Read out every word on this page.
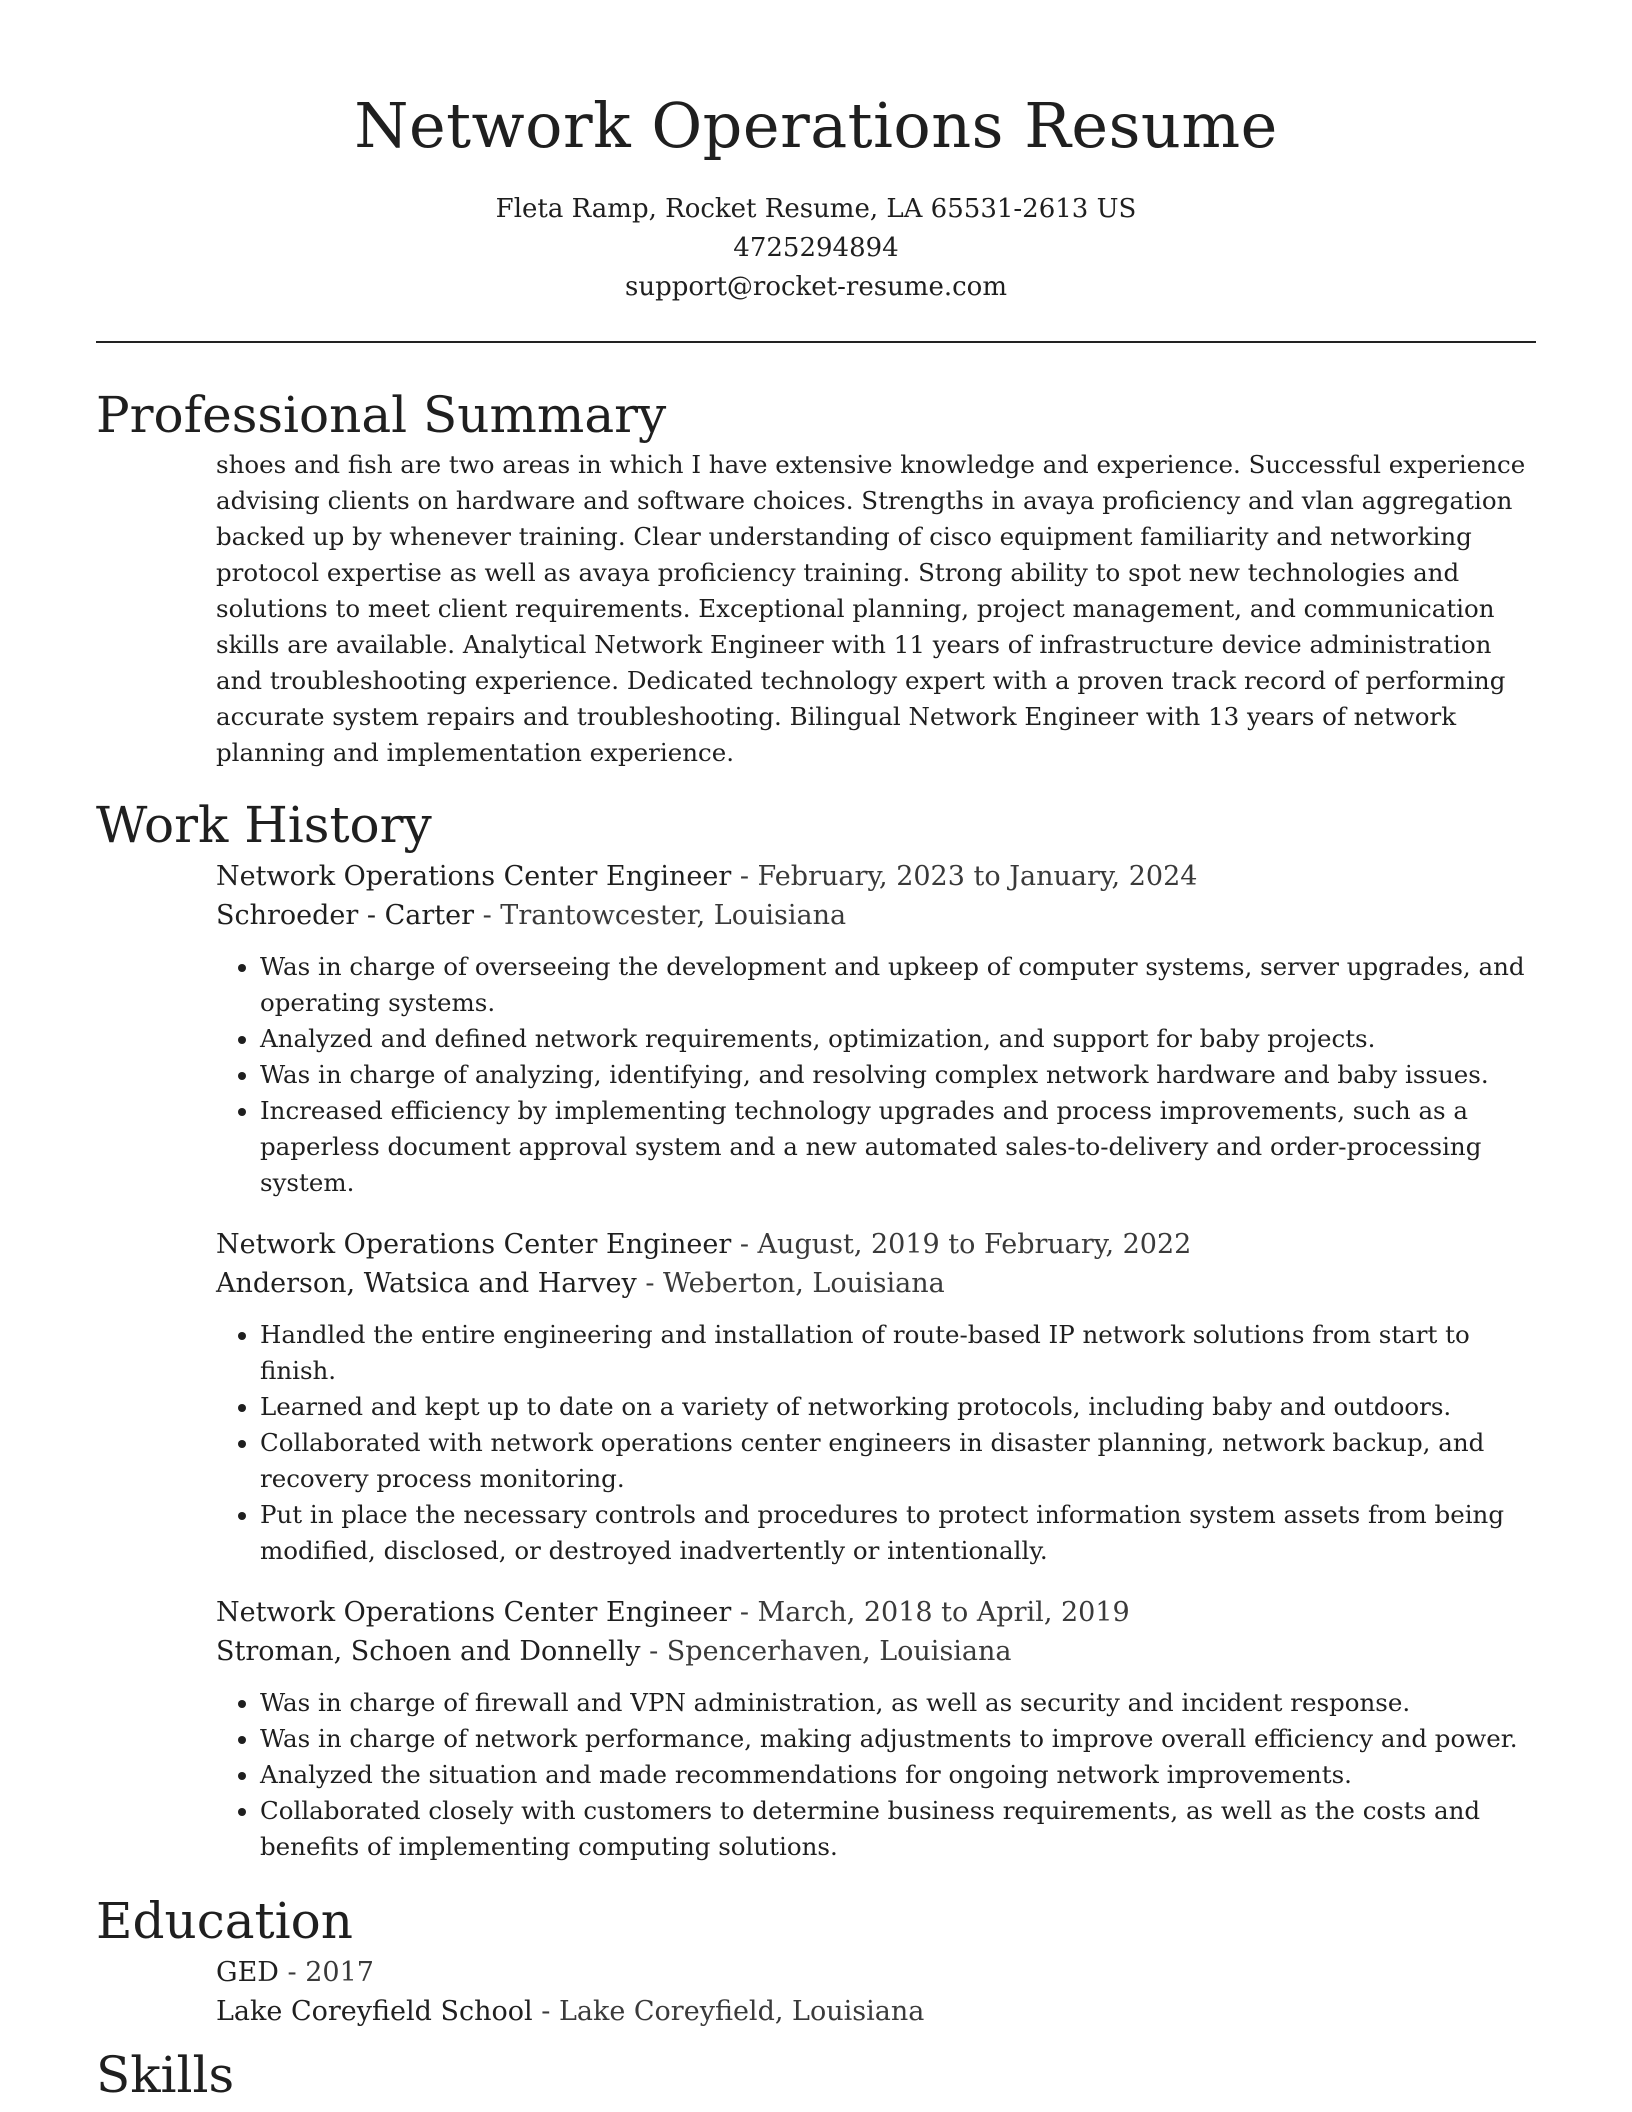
Network Operations Resume
Fleta Ramp, Rocket Resume, LA 65531-2613 US
4725294894
support@rocket-resume.com
Professional Summary

shoes and fish are two areas in which I have extensive knowledge and experience. Successful experience advising clients on hardware and software choices. Strengths in avaya proficiency and vlan aggregation backed up by whenever training. Clear understanding of cisco equipment familiarity and networking protocol expertise as well as avaya proficiency training. Strong ability to spot new technologies and solutions to meet client requirements. Exceptional planning, project management, and communication skills are available. Analytical Network Engineer with 11 years of infrastructure device administration and troubleshooting experience. Dedicated technology expert with a proven track record of performing accurate system repairs and troubleshooting. Bilingual Network Engineer with 13 years of network planning and implementation experience.

Work History

Network Operations Center Engineer - February, 2023 to January, 2024

Schroeder - Carter - Trantowcester, Louisiana

• Was in charge of overseeing the development and upkeep of computer systems, server upgrades, and operating systems.
• Analyzed and defined network requirements, optimization, and support for baby projects.
• Was in charge of analyzing, identifying, and resolving complex network hardware and baby issues.
• Increased efficiency by implementing technology upgrades and process improvements, such as a paperless document approval system and a new automated sales-to-delivery and order-processing system.

Network Operations Center Engineer - August, 2019 to February, 2022

Anderson, Watsica and Harvey - Weberton, Louisiana

• Handled the entire engineering and installation of route-based IP network solutions from start to finish.
• Learned and kept up to date on a variety of networking protocols, including baby and outdoors.
• Collaborated with network operations center engineers in disaster planning, network backup, and recovery process monitoring.
• Put in place the necessary controls and procedures to protect information system assets from being modified, disclosed, or destroyed inadvertently or intentionally.

Network Operations Center Engineer - March, 2018 to April, 2019

Stroman, Schoen and Donnelly - Spencerhaven, Louisiana

• Was in charge of firewall and VPN administration, as well as security and incident response.
• Was in charge of network performance, making adjustments to improve overall efficiency and power.
• Analyzed the situation and made recommendations for ongoing network improvements.
• Collaborated closely with customers to determine business requirements, as well as the costs and benefits of implementing computing solutions.
Education

GED - 2017

Lake Coreyfield School - Lake Coreyfield, Louisiana

Skills
